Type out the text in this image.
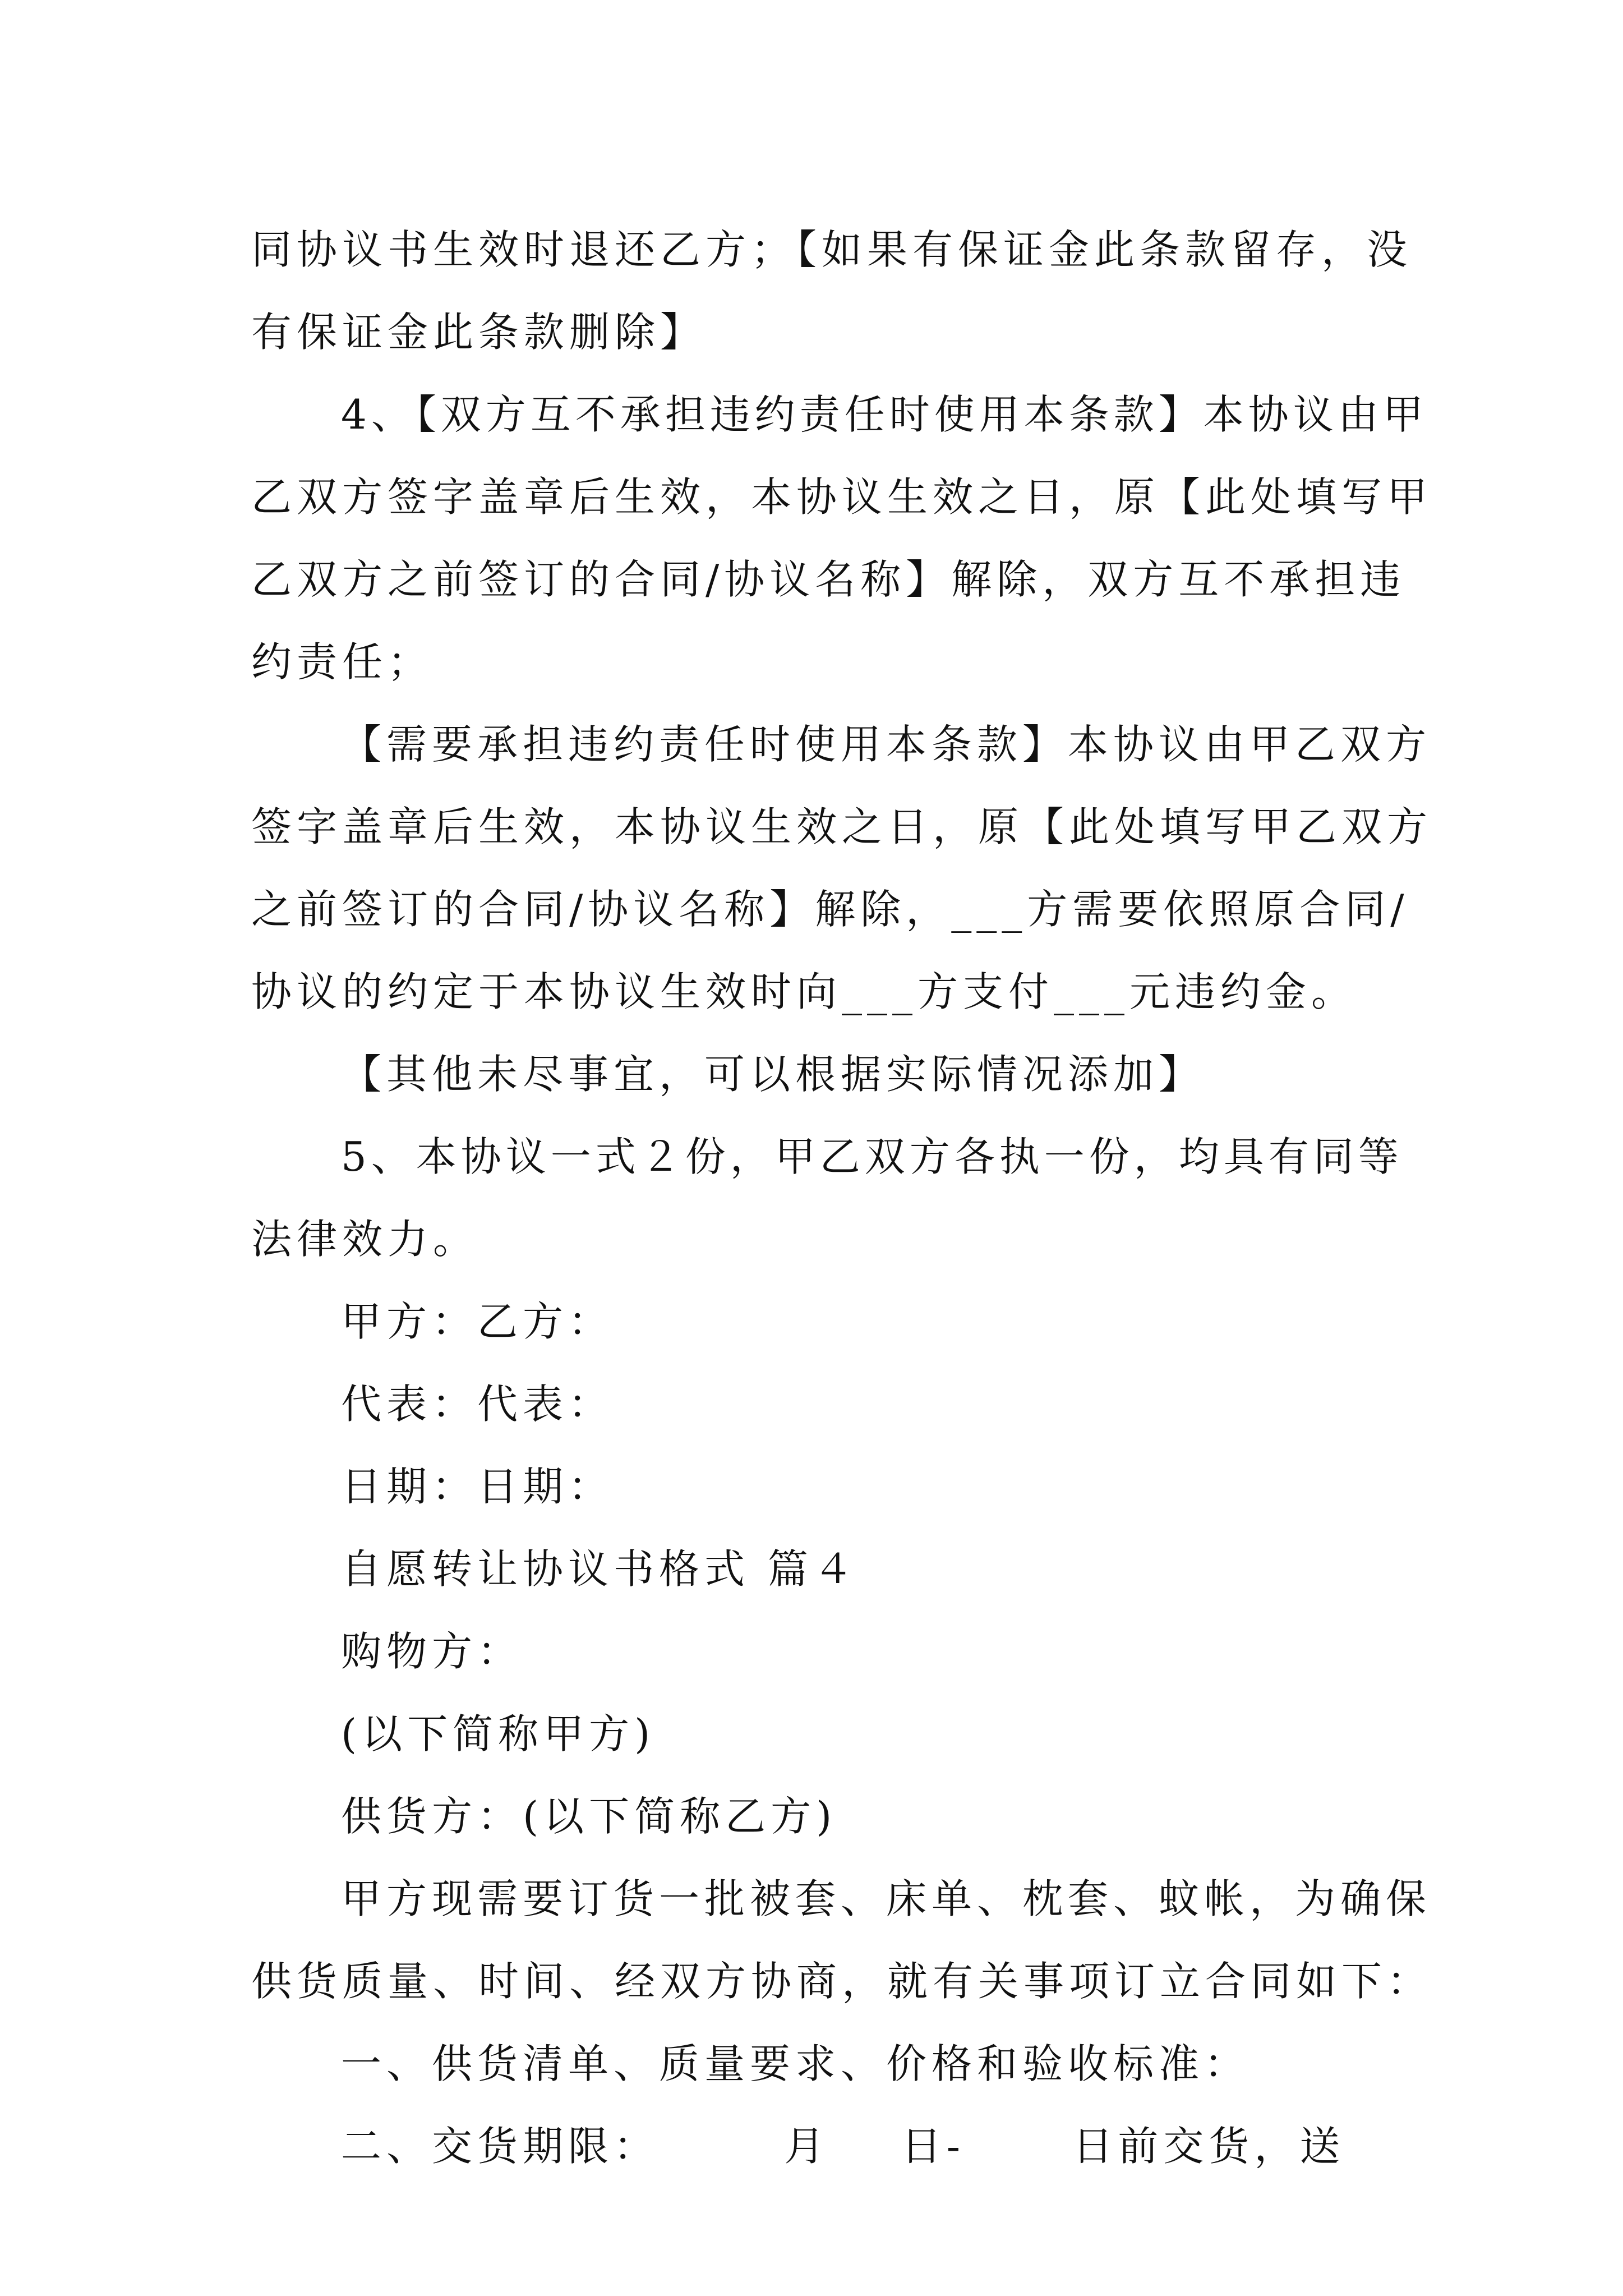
同协议书生效时退还乙方；【如果有保证金此条款留存，没
有保证金此条款删除】
4、【双方互不承担违约责任时使用本条款】本协议由甲
乙双方签字盖章后生效，本协议生效之日，原【此处填写甲
乙双方之前签订的合同/协议名称】解除，双方互不承担违
约责任；
【需要承担违约责任时使用本条款】本协议由甲乙双方
签字盖章后生效，本协议生效之日，原【此处填写甲乙双方
之前签订的合同/协议名称】解除，___方需要依照原合同/
协议的约定于本协议生效时向___方支付___元违约金。
【其他未尽事宜，可以根据实际情况添加】
5、本协议一式２份，甲乙双方各执一份，均具有同等
法律效力。
甲方：乙方：
代表：代表：
日期：日期：
自愿转让协议书格式 篇４
购物方：
(以下简称甲方)
供货方：(以下简称乙方)
甲方现需要订货一批被套、床单、枕套、蚊帐，为确保
供货质量、时间、经双方协商，就有关事项订立合同如下：
一、供货清单、质量要求、价格和验收标准：
二、交货期限：       月    日-      日前交货，送
